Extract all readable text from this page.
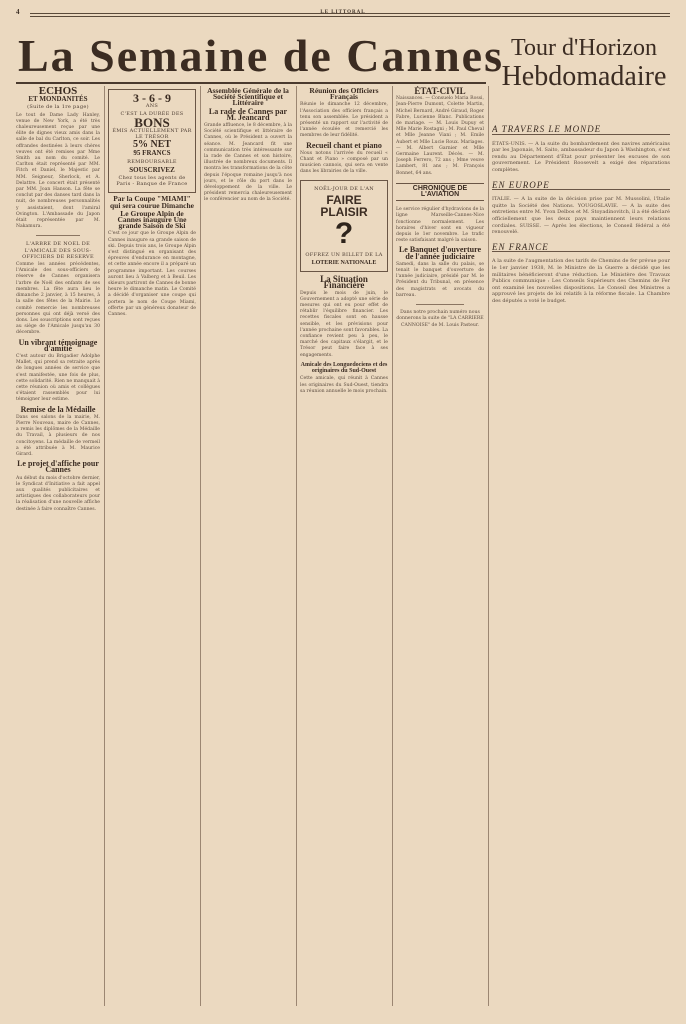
4	LE LITTORAL
La Semaine de Cannes Tour d'Horizon
Hebdomadaire
ECHOS
ET MONDANITÉS
(Suite de la 1re page)

Le tout de Dame Lady Hanley, venue de New York, a été très chaleureusement reçue par une élite de dignes vieux amis dans la salle de bal du Carlton, ce soir. Les offrandes destinées à leurs chères veuves ont été remises par Mme Smith au nom du comité. Le Carlton était représenté par MM. Fitch et Daniel, le Majestic par MM. Seigneur, Sherlock, et A. Delattre. Le concert était présenté par MM. Joan Hanson. La fête se conclut par des danses tard dans la nuit, de nombreuses personnalités y assistaient, dont l'amiral Ovington. L'Ambassade du Japon était représentée par M. Nakamura.

L'ARBRE DE NOEL DE L'AMICALE DES SOUS-OFFICIERS DE RESERVE

Comme les années précédentes, l'Amicale des sous-officiers de réserve de Cannes organisera l'arbre de Noël des enfants de ses membres. La fête aura lieu le dimanche 2 janvier, à 15 heures, à la salle des fêtes de la Mairie. Le comité remercie les nombreuses personnes qui ont déjà versé des dons. Les souscriptions sont reçues au siège de l'Amicale jusqu'au 30 décembre.

Un vibrant témoignage d'amitié

C'est autour du Brigadier Adolphe Mallet, qui prend sa retraite après de longues années de service que s'est manifestée, une fois de plus, cette solidarité. Rien ne manquait à cette réunion où amis et collègues s'étaient rassemblés pour lui témoigner leur estime.

Remise de la Médaille

Dans ses salons de la mairie, M. Pierre Nouveau, maire de Cannes, a remis les diplômes de la Médaille du Travail, à plusieurs de nos concitoyens. La médaille de vermeil a été attribuée à M. Maurice Girard.

Le projet d'affiche pour Cannes

Au début du mois d'octobre dernier, le Syndicat d'Initiative a fait appel aux qualités publicitaires et artistiques des collaborateurs pour la réalisation d'une nouvelle affiche destinée à faire connaître Cannes.

3 - 6 - 9
ANS
C'EST LA DURÉE DES
BONS
ÉMIS ACTUELLEMENT PAR LE TRÉSOR
5% NET
95 FRANCS
REMBOURSABLE
SOUSCRIVEZ
Chez tous les agents de Paris - Banque de France
Par la Coupe "MIAMI" qui sera courue Dimanche
Le Groupe Alpin de Cannes inaugure Une grande Saison de Ski

C'est ce jour que le Groupe Alpin de Cannes inaugure sa grande saison de ski. Depuis trois ans, le Groupe Alpin s'est distingué en organisant des épreuves d'endurance en montagne, et cette année encore il a préparé un programme important. Les courses auront lieu à Valberg et à Beuil. Les skieurs partiront de Cannes de bonne heure le dimanche matin. Le Comité a décidé d'organiser une coupe qui portera le nom de Coupe Miami, offerte par un généreux donateur de Cannes.

Assemblée Générale de la Société Scientifique et Littéraire
La rade de Cannes par M. Jeancard

Grande affluence, le 8 décembre, à la Société scientifique et littéraire de Cannes, où le Président a ouvert la séance. M. Jeancard fit une communication très intéressante sur la rade de Cannes et son histoire, illustrée de nombreux documents. Il montra les transformations de la côte depuis l'époque romaine jusqu'à nos jours, et le rôle du port dans le développement de la ville. Le président remercia chaleureusement le conférencier au nom de la Société.

Réunion des Officiers Français

Réunie le dimanche 12 décembre, l'Association des officiers français a tenu son assemblée. Le président a présenté un rapport sur l'activité de l'année écoulée et remercié les membres de leur fidélité.

Recueil chant et piano

Nous notons l'arrivée du recueil « Chant et Piano » composé par un musicien cannois, qui sera en vente dans les librairies de la ville.

NOËL-JOUR DE L'AN
FAIRE
PLAISIR
?
OFFREZ UN BILLET DE LA
LOTERIE NATIONALE
La Situation Financière

Depuis le mois de juin, le Gouvernement a adopté une série de mesures qui ont eu pour effet de rétablir l'équilibre financier. Les recettes fiscales sont en hausse sensible, et les prévisions pour l'année prochaine sont favorables. La confiance revient peu à peu, le marché des capitaux s'élargit, et le Trésor peut faire face à ses engagements.

Amicale des Longuedociens et des originaires du Sud-Ouest

Cette amicale, qui réunit à Cannes les originaires du Sud-Ouest, tiendra sa réunion annuelle le mois prochain.

ÉTAT-CIVIL

Naissances. — Consuelo Maria Rossi, Jean-Pierre Dumont, Colette Martin, Michel Bernard, André Giraud, Roger Fabre, Lucienne Blanc. Publications de mariage. — M. Louis Dupuy et Mlle Marie Rostagni ; M. Paul Cheval et Mlle Jeanne Viani ; M. Emile Aubert et Mlle Lucie Roux. Mariages. — M. Albert Garnier et Mlle Germaine Laurent. Décès. — M. Joseph Ferrero, 72 ans ; Mme veuve Lambert, 81 ans ; M. François Bonnet, 64 ans.

CHRONIQUE DE L'AVIATION

Le service régulier d'hydravions de la ligne Marseille-Cannes-Nice fonctionne normalement. Les horaires d'hiver sont en vigueur depuis le 1er novembre. Le trafic reste satisfaisant malgré la saison.

Le Banquet d'ouverture de l'année judiciaire

Samedi, dans la salle du palais, se tenait le banquet d'ouverture de l'année judiciaire, présidé par M. le Président du Tribunal, en présence des magistrats et avocats du barreau.

Dans notre prochain numéro nous donnerons la suite de "LA CARRIERE CANNOISE" de M. Louis Pasteur.

A TRAVERS LE MONDE

ÉTATS-UNIS. — A la suite du bombardement des navires américains par les Japonais, M. Saito, ambassadeur du Japon à Washington, s'est rendu au Département d'État pour présenter les excuses de son gouvernement. Le Président Roosevelt a exigé des réparations complètes.

EN EUROPE

ITALIE. — A la suite de la décision prise par M. Mussolini, l'Italie quitte la Société des Nations. YOUGOSLAVIE. — A la suite des entretiens entre M. Yvon Delbos et M. Stoyadinovitch, il a été déclaré officiellement que les deux pays maintiennent leurs relations cordiales. SUISSE. — Après les élections, le Conseil fédéral a été renouvelé.

EN FRANCE

A la suite de l'augmentation des tarifs de Chemins de fer prévue pour le 1er janvier 1938, M. le Ministre de la Guerre a décidé que les militaires bénéficieront d'une réduction. Le Ministère des Travaux Publics communique : Les Conseils Supérieurs des Chemins de Fer ont examiné les nouvelles dispositions. Le Conseil des Ministres a approuvé les projets de loi relatifs à la réforme fiscale. La Chambre des députés a voté le budget.
